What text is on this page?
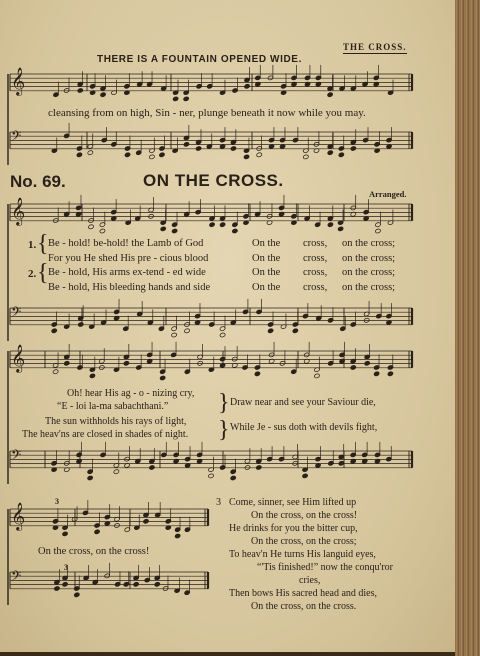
𝄞
𝄢
𝄞
𝄢
𝄞
𝄢
𝄞
𝄢
THE CROSS.
THERE IS A FOUNTAIN OPENED WIDE.
cleansing from on high, Sin - ner, plunge beneath it now while you may.
No. 69.	ON THE CROSS.
Arranged.
1.
2.
{
{
Be - hold! be-hold! the Lamb of God	On the cross, on the cross;
For you He shed His pre - cious blood	On the cross, on the cross;
Be - hold, His arms ex-tend - ed wide	On the cross, on the cross;
Be - hold, His bleeding hands and side	On the cross, on the cross;
Oh! hear His ag - o - nizing cry,
“E - loi la-ma sabachthani.”
The sun withholds his rays of light,
The heav'ns are closed in shades of night.
}
}
Draw near and see your Saviour die,
While Je - sus doth with devils fight,
On the cross, on the cross!
3
3
3 Come, sinner, see Him lifted up
On the cross, on the cross!
He drinks for you the bitter cup,
On the cross, on the cross;
To heav'n He turns His languid eyes,
“'Tis finished!” now the conqu'ror
cries,
Then bows His sacred head and dies,
On the cross, on the cross.
